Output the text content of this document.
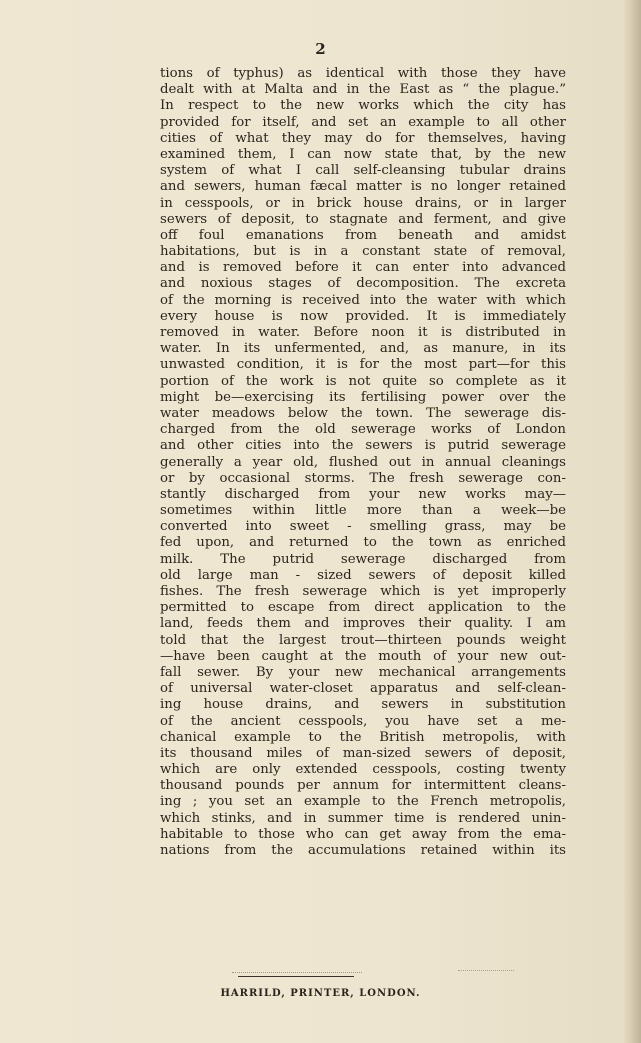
2
tions of typhus) as identical with those they have
dealt with at Malta and in the East as “ the plague.”
In respect to the new works which the city has
provided for itself, and set an example to all other
cities of what they may do for themselves, having
examined them, I can now state that, by the new
system of what I call self-cleansing tubular drains
and sewers, human fæcal matter is no longer retained
in cesspools, or in brick house drains, or in larger
sewers of deposit, to stagnate and ferment, and give
off foul emanations from beneath and amidst
habitations, but is in a constant state of removal,
and is removed before it can enter into advanced
and noxious stages of decomposition. The excreta
of the morning is received into the water with which
every house is now provided. It is immediately
removed in water. Before noon it is distributed in
water. In its unfermented, and, as manure, in its
unwasted condition, it is for the most part—for this
portion of the work is not quite so complete as it
might be—exercising its fertilising power over the
water meadows below the town. The sewerage dis-
charged from the old sewerage works of London
and other cities into the sewers is putrid sewerage
generally a year old, flushed out in annual cleanings
or by occasional storms. The fresh sewerage con-
stantly discharged from your new works may—
sometimes within little more than a week—be
converted into sweet - smelling grass, may be
fed upon, and returned to the town as enriched
milk. The putrid sewerage discharged from
old large man - sized sewers of deposit killed
fishes. The fresh sewerage which is yet improperly
permitted to escape from direct application to the
land, feeds them and improves their quality. I am
told that the largest trout—thirteen pounds weight
—have been caught at the mouth of your new out-
fall sewer. By your new mechanical arrangements
of universal water-closet apparatus and self-clean-
ing house drains, and sewers in substitution
of the ancient cesspools, you have set a me-
chanical example to the British metropolis, with
its thousand miles of man-sized sewers of deposit,
which are only extended cesspools, costing twenty
thousand pounds per annum for intermittent cleans-
ing ; you set an example to the French metropolis,
which stinks, and in summer time is rendered unin-
habitable to those who can get away from the ema-
nations from the accumulations retained within its
HARRILD, PRINTER, LONDON.
